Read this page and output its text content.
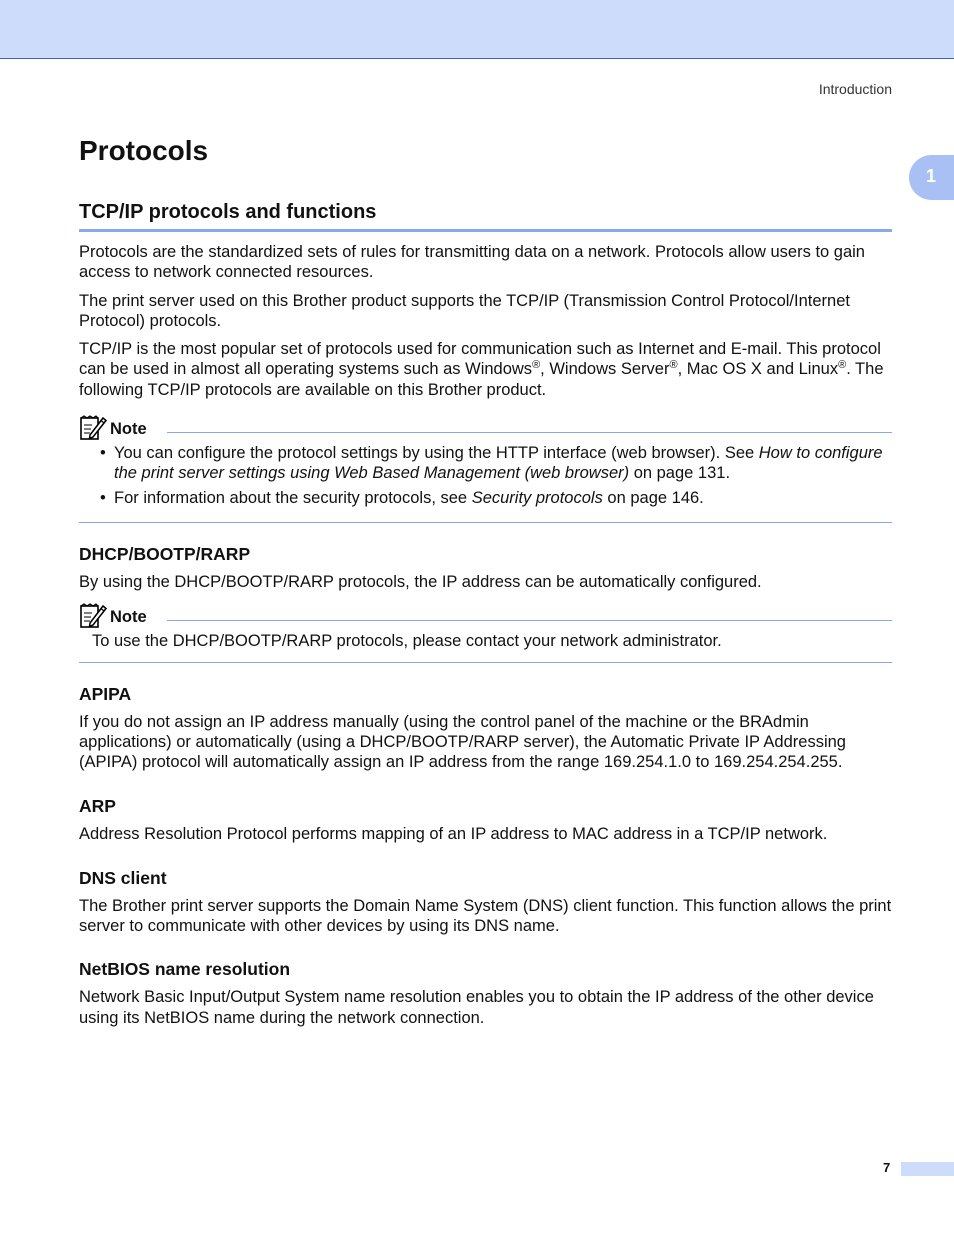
Introduction
1
Protocols
TCP/IP protocols and functions

Protocols are the standardized sets of rules for transmitting data on a network. Protocols allow users to gain access to network connected resources.

The print server used on this Brother product supports the TCP/IP (Transmission Control Protocol/Internet Protocol) protocols.

TCP/IP is the most popular set of protocols used for communication such as Internet and E-mail. This protocol can be used in almost all operating systems such as Windows®, Windows Server®, Mac OS X and Linux®. The following TCP/IP protocols are available on this Brother product.

Note
• You can configure the protocol settings by using the HTTP interface (web browser). See How to configure the print server settings using Web Based Management (web browser) on page 131.
• For information about the security protocols, see Security protocols on page 146.
DHCP/BOOTP/RARP

By using the DHCP/BOOTP/RARP protocols, the IP address can be automatically configured.

Note
To use the DHCP/BOOTP/RARP protocols, please contact your network administrator.
APIPA

If you do not assign an IP address manually (using the control panel of the machine or the BRAdmin applications) or automatically (using a DHCP/BOOTP/RARP server), the Automatic Private IP Addressing (APIPA) protocol will automatically assign an IP address from the range 169.254.1.0 to 169.254.254.255.

ARP

Address Resolution Protocol performs mapping of an IP address to MAC address in a TCP/IP network.

DNS client

The Brother print server supports the Domain Name System (DNS) client function. This function allows the print server to communicate with other devices by using its DNS name.

NetBIOS name resolution

Network Basic Input/Output System name resolution enables you to obtain the IP address of the other device using its NetBIOS name during the network connection.

7
